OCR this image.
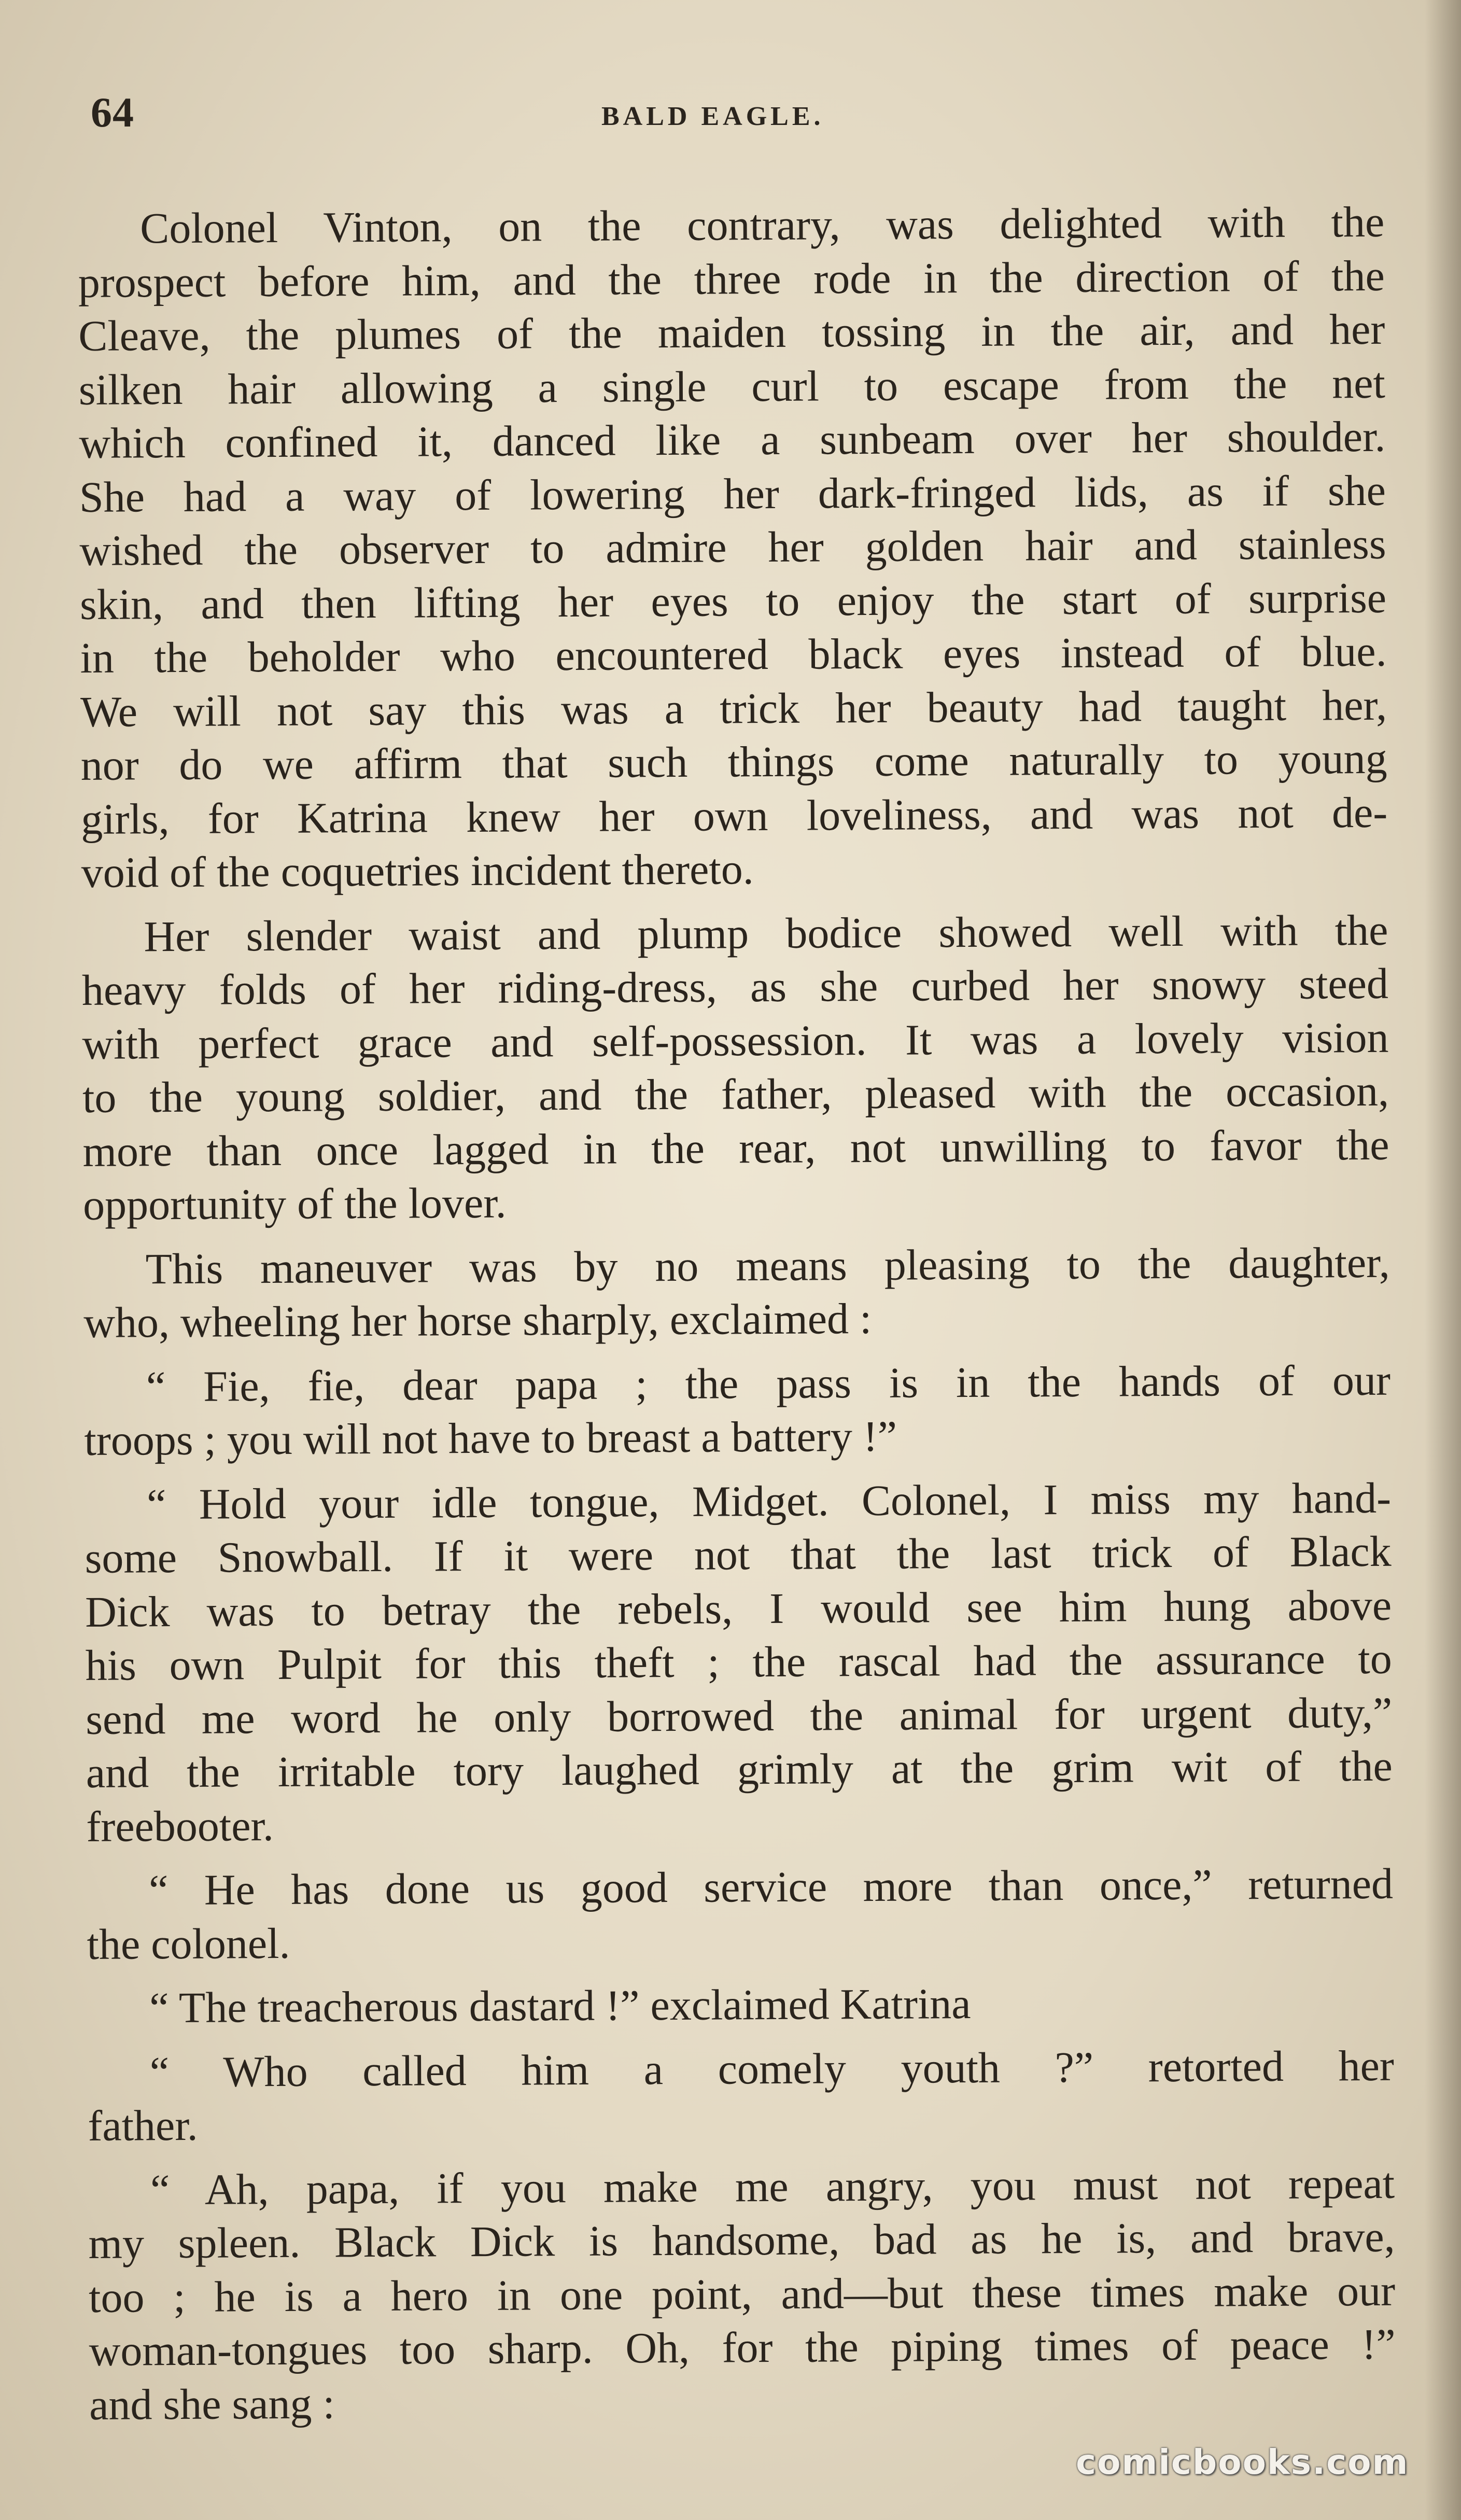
64	BALD EAGLE.
Colonel Vinton, on the contrary, was delighted with the
prospect before him, and the three rode in the direction of the
Cleave, the plumes of the maiden tossing in the air, and her
silken hair allowing a single curl to escape from the net
which confined it, danced like a sunbeam over her shoulder.
She had a way of lowering her dark-fringed lids, as if she
wished the observer to admire her golden hair and stainless
skin, and then lifting her eyes to enjoy the start of surprise
in the beholder who encountered black eyes instead of blue.
We will not say this was a trick her beauty had taught her,
nor do we affirm that such things come naturally to young
girls, for Katrina knew her own loveliness, and was not de-
void of the coquetries incident thereto.
Her slender waist and plump bodice showed well with the
heavy folds of her riding-dress, as she curbed her snowy steed
with perfect grace and self-possession. It was a lovely vision
to the young soldier, and the father, pleased with the occasion,
more than once lagged in the rear, not unwilling to favor the
opportunity of the lover.
This maneuver was by no means pleasing to the daughter,
who, wheeling her horse sharply, exclaimed :
“ Fie, fie, dear papa ; the pass is in the hands of our
troops ; you will not have to breast a battery !”
“ Hold your idle tongue, Midget. Colonel, I miss my hand-
some Snowball. If it were not that the last trick of Black
Dick was to betray the rebels, I would see him hung above
his own Pulpit for this theft ; the rascal had the assurance to
send me word he only borrowed the animal for urgent duty,”
and the irritable tory laughed grimly at the grim wit of the
freebooter.
“ He has done us good service more than once,” returned
the colonel.
“ The treacherous dastard !” exclaimed Katrina
“ Who called him a comely youth ?” retorted her
father.
“ Ah, papa, if you make me angry, you must not repeat
my spleen. Black Dick is handsome, bad as he is, and brave,
too ; he is a hero in one point, and—but these times make our
woman-tongues too sharp. Oh, for the piping times of peace !”
and she sang :
comicbooks.com
